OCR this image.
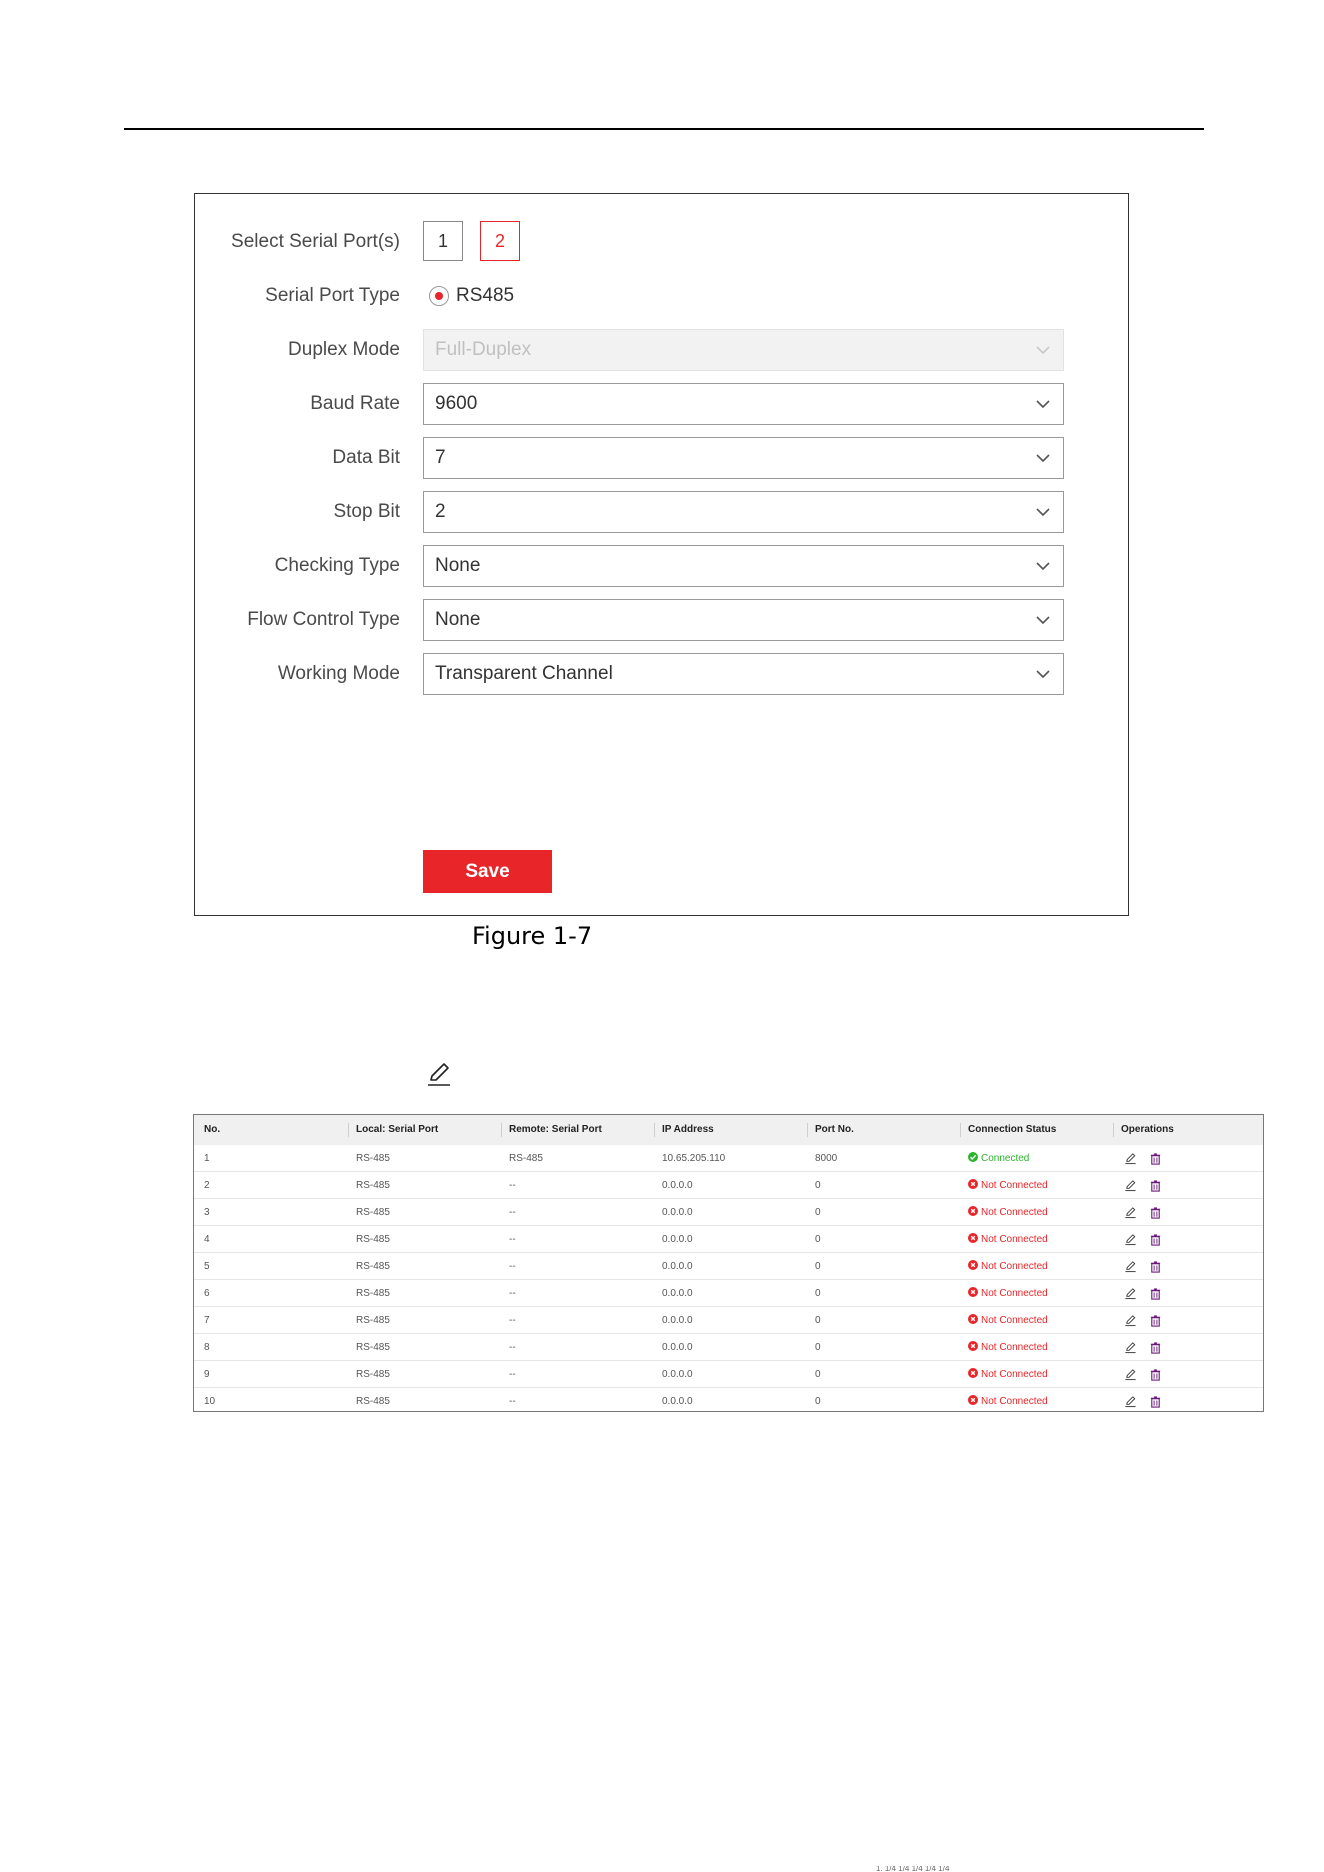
Select Serial Port(s)	1	2
Serial Port Type	RS485
Duplex Mode Full-Duplex
Baud Rate 9600
Data Bit 7
Stop Bit 2
Checking Type None
Flow Control Type None
Working Mode Transparent Channel
Save
Figure 1-7
No.	Local: Serial Port	Remote: Serial Port	IP Address	Port No.	Connection Status	Operations
1	RS-485	RS-485	10.65.205.110	8000	Connected
2	RS-485	--	0.0.0.0	0	Not Connected
3	RS-485	--	0.0.0.0	0	Not Connected
4	RS-485	--	0.0.0.0	0	Not Connected
5	RS-485	--	0.0.0.0	0	Not Connected
6	RS-485	--	0.0.0.0	0	Not Connected
7	RS-485	--	0.0.0.0	0	Not Connected
8	RS-485	--	0.0.0.0	0	Not Connected
9	RS-485	--	0.0.0.0	0	Not Connected
10	RS-485	--	0.0.0.0	0	Not Connected
1. 1/4 1/4 1/4 1/4 1/4
